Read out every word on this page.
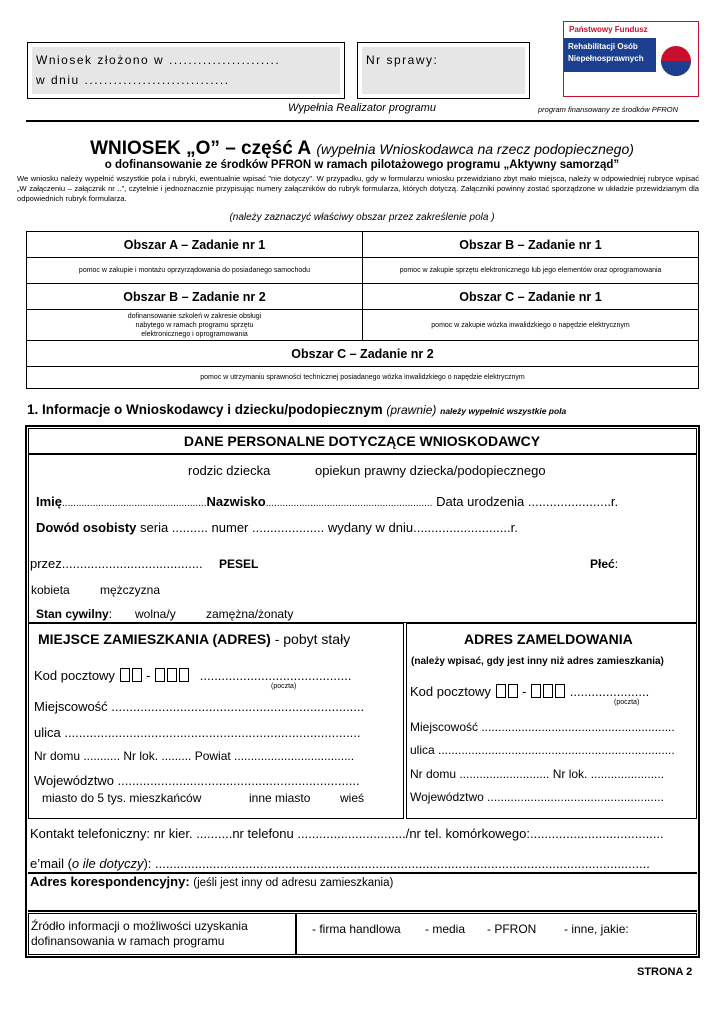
Wniosek złożono w .......................
w dniu ..............................
Nr sprawy:
Państwowy Fundusz
Rehabilitacji Osób
Niepełnosprawnych
Wypełnia Realizator programu	program finansowany ze środków PFRON
WNIOSEK „O” – część A (wypełnia Wnioskodawca na rzecz podopiecznego)
o dofinansowanie ze środków PFRON w ramach pilotażowego programu „Aktywny samorząd”
We wniosku należy wypełnić wszystkie pola i rubryki, ewentualnie wpisać "nie dotyczy". W przypadku, gdy w formularzu wniosku przewidziano zbyt mało miejsca, należy w odpowiedniej rubryce wpisać „W załączeniu – załącznik nr ..”, czytelnie i jednoznacznie przypisując numery załączników do rubryk formularza, których dotyczą. Załączniki powinny zostać sporządzone w układzie przewidzianym dla odpowiednich rubryk formularza.
(należy zaznaczyć właściwy obszar przez zakreślenie pola )
Obszar A – Zadanie nr 1	Obszar B – Zadanie nr 1
pomoc w zakupie i montażu oprzyrządowania do posiadanego samochodu	pomoc w zakupie sprzętu elektronicznego lub jego elementów oraz oprogramowania
Obszar B – Zadanie nr 2	Obszar C – Zadanie nr 1
dofinansowanie szkoleń w zakresie obsługi nabytego w ramach programu sprzętu elektronicznego i oprogramowania	pomoc w zakupie wózka inwalidzkiego o napędzie elektrycznym
Obszar C – Zadanie nr 2	
pomoc w utrzymaniu sprawności technicznej posiadanego wózka inwalidzkiego o napędzie elektrycznym	
1. Informacje o Wnioskodawcy i dziecku/podopiecznym (prawnie) należy wypełnić wszystkie pola
DANE PERSONALNE DOTYCZĄCE WNIOSKODAWCY
rodzic dziecka	opiekun prawny dziecka/podopiecznego
Imię....................................................Nazwisko............................................................ Data urodzenia .......................r.
Dowód osobisty seria .......... numer .................... wydany w dniu...........................r.
przez....................................... PESEL	Płeć:
kobieta	mężczyzna
Stan cywilny: wolna/y	zamężna/żonaty
MIEJSCE ZAMIESZKANIA (ADRES) - pobyt stały
Kod pocztowy  -	..........................................
(poczta)
Miejscowość ......................................................................
ulica ..................................................................................
Nr domu ........... Nr lok. ......... Powiat ....................................
Województwo ...................................................................
miasto do 5 tys. mieszkańców	inne miasto wieś
ADRES ZAMELDOWANIA
(należy wpisać, gdy jest inny niż adres zamieszkania)
Kod pocztowy  -	......................
(poczta)
Miejscowość ..........................................................
ulica .......................................................................
Nr domu ........................... Nr lok. ......................
Województwo .....................................................
Kontakt telefoniczny: nr kier. ..........nr telefonu ............................../nr tel. komórkowego:.....................................
e’mail (o ile dotyczy): .........................................................................................................................................
Adres korespondencyjny: (jeśli jest inny od adresu zamieszkania)
Źródło informacji o możliwości uzyskania dofinansowania w ramach programu
- firma handlowa - media - PFRON - inne, jakie:
STRONA 2
